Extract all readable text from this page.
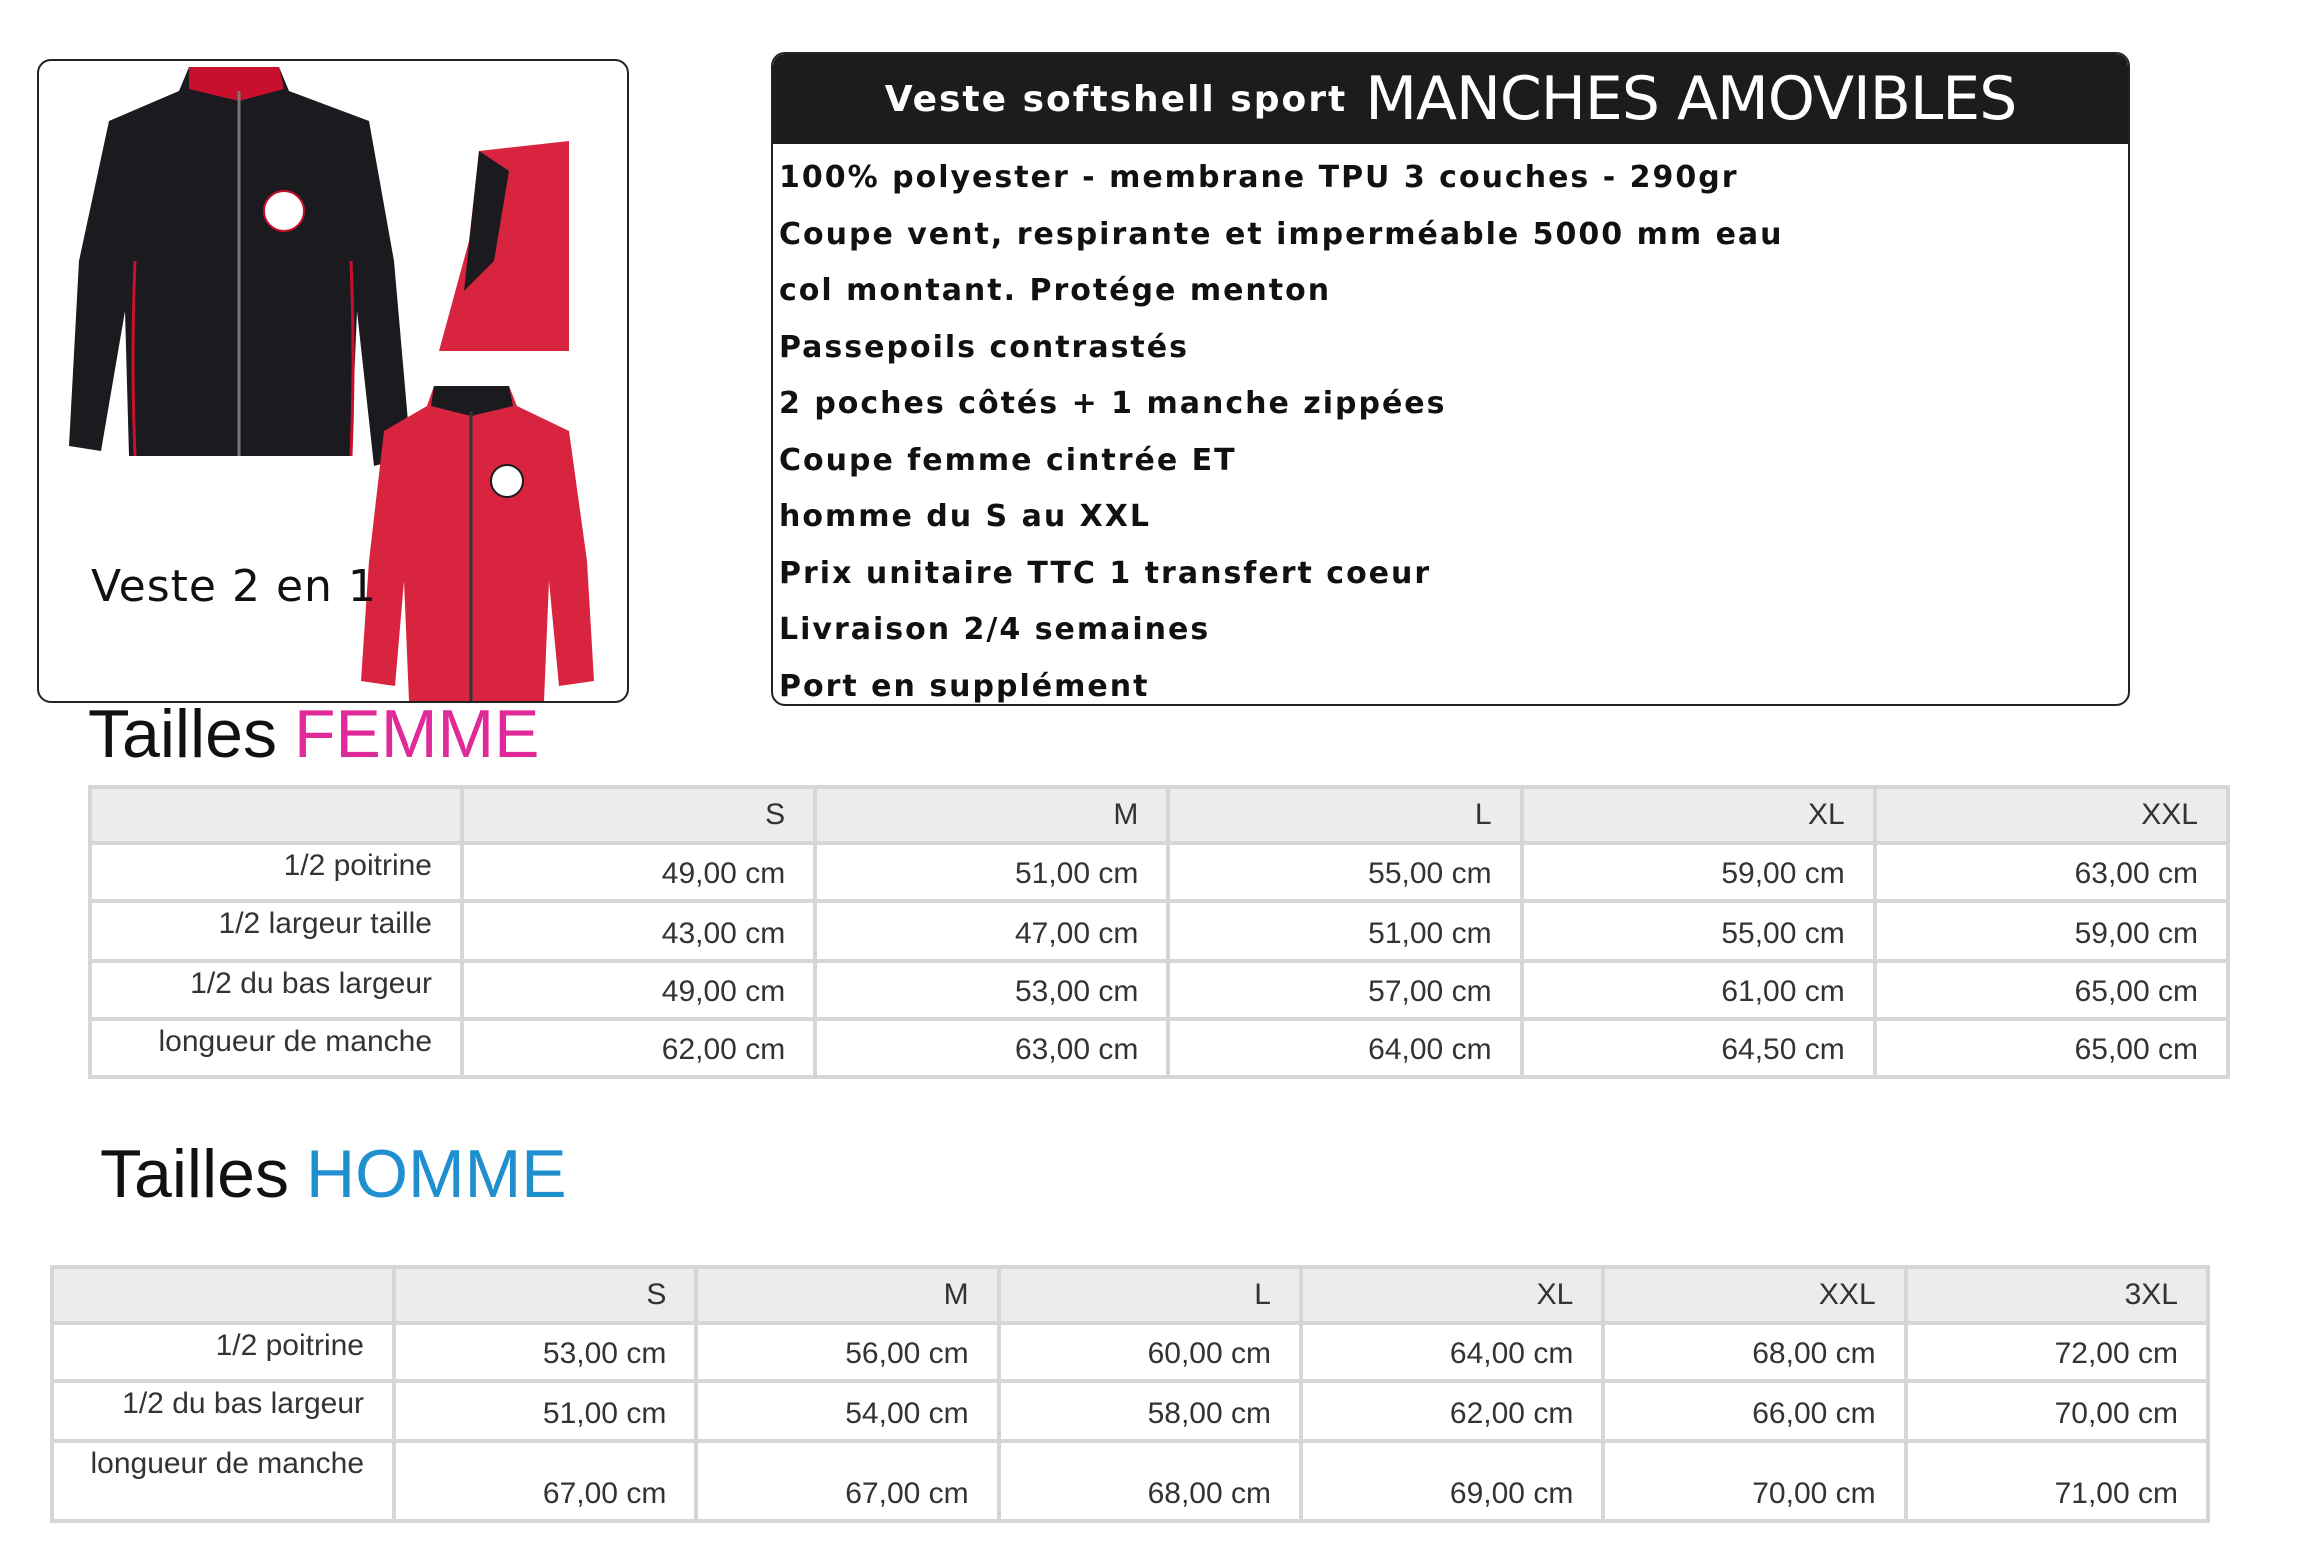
Veste 2 en 1
Veste softshell sport MANCHES AMOVIBLES
100% polyester - membrane TPU 3 couches - 290gr
Coupe vent, respirante et imperméable 5000 mm eau
col montant. Protége menton
Passepoils contrastés
2 poches côtés + 1 manche zippées
Coupe femme cintrée ET
homme du S au XXL
Prix unitaire TTC 1 transfert coeur
Livraison 2/4 semaines
Port en supplément
Tailles FEMME
	S	M	L	XL	XXL
1/2 poitrine	49,00 cm	51,00 cm	55,00 cm	59,00 cm	63,00 cm
1/2 largeur taille	43,00 cm	47,00 cm	51,00 cm	55,00 cm	59,00 cm
1/2 du bas largeur	49,00 cm	53,00 cm	57,00 cm	61,00 cm	65,00 cm
longueur de manche	62,00 cm	63,00 cm	64,00 cm	64,50 cm	65,00 cm
Tailles HOMME
	S	M	L	XL	XXL	3XL
1/2 poitrine	53,00 cm	56,00 cm	60,00 cm	64,00 cm	68,00 cm	72,00 cm
1/2 du bas largeur	51,00 cm	54,00 cm	58,00 cm	62,00 cm	66,00 cm	70,00 cm
longueur de manche	67,00 cm	67,00 cm	68,00 cm	69,00 cm	70,00 cm	71,00 cm
